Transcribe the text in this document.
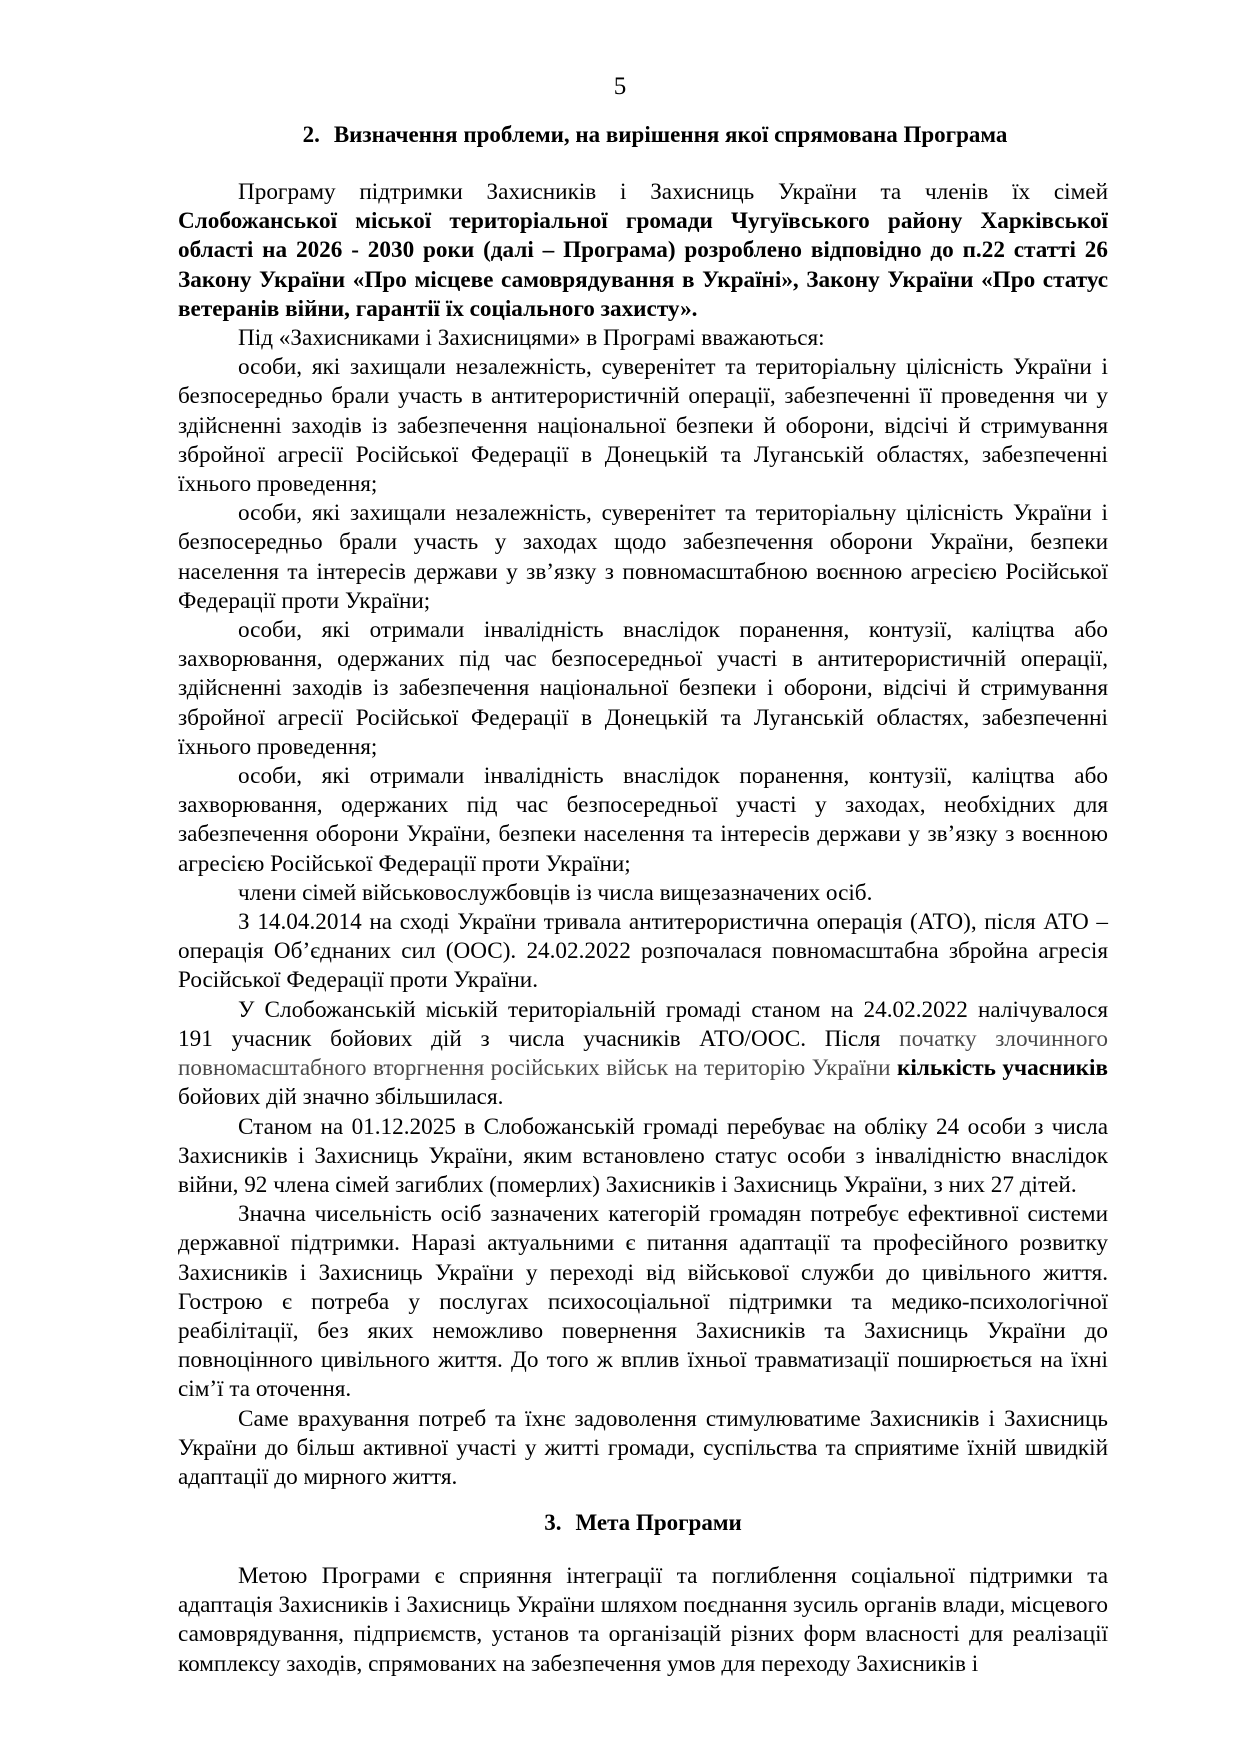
5
2. Визначення проблеми, на вирішення якої спрямована Програма

Програму підтримки Захисників і Захисниць України та членів їх сімей Слобожанської міської територіальної громади Чугуївського району Харківської області на 2026 - 2030 роки (далі – Програма) розроблено відповідно до п.22 статті 26 Закону України «Про місцеве самоврядування в Україні», Закону України «Про статус ветеранів війни, гарантії їх соціального захисту».

Під «Захисниками і Захисницями» в Програмі вважаються:

особи, які захищали незалежність, суверенітет та територіальну цілісність України і безпосередньо брали участь в антитерористичній операції, забезпеченні її проведення чи у здійсненні заходів із забезпечення національної безпеки й оборони, відсічі й стримування збройної агресії Російської Федерації в Донецькій та Луганській областях, забезпеченні їхнього проведення;

особи, які захищали незалежність, суверенітет та територіальну цілісність України і безпосередньо брали участь у заходах щодо забезпечення оборони України, безпеки населення та інтересів держави у зв’язку з повномасштабною воєнною агресією Російської Федерації проти України;

особи, які отримали інвалідність внаслідок поранення, контузії, каліцтва або захворювання, одержаних під час безпосередньої участі в антитерористичній операції, здійсненні заходів із забезпечення національної безпеки і оборони, відсічі й стримування збройної агресії Російської Федерації в Донецькій та Луганській областях, забезпеченні їхнього проведення;

особи, які отримали інвалідність внаслідок поранення, контузії, каліцтва або захворювання, одержаних під час безпосередньої участі у заходах, необхідних для забезпечення оборони України, безпеки населення та інтересів держави у зв’язку з воєнною агресією Російської Федерації проти України;

члени сімей військовослужбовців із числа вищезазначених осіб.

З 14.04.2014 на сході України тривала антитерористична операція (АТО), після АТО – операція Об’єднаних сил (ООС). 24.02.2022 розпочалася повномасштабна збройна агресія Російської Федерації проти України.

У Слобожанській міській територіальній громаді станом на 24.02.2022 налічувалося 191 учасник бойових дій з числа учасників АТО/ООС. Після початку злочинного повномасштабного вторгнення російських військ на територію України кількість учасників бойових дій значно збільшилася.

Станом на 01.12.2025 в Слобожанській громаді перебуває на обліку 24 особи з числа Захисників і Захисниць України, яким встановлено статус особи з інвалідністю внаслідок війни, 92 члена сімей загиблих (померлих) Захисників і Захисниць України, з них 27 дітей.

Значна чисельність осіб зазначених категорій громадян потребує ефективної системи державної підтримки. Наразі актуальними є питання адаптації та професійного розвитку Захисників і Захисниць України у переході від військової служби до цивільного життя. Гострою є потреба у послугах психосоціальної підтримки та медико-психологічної реабілітації, без яких неможливо повернення Захисників та Захисниць України до повноцінного цивільного життя. До того ж вплив їхньої травматизації поширюється на їхні сім’ї та оточення.

Саме врахування потреб та їхнє задоволення стимулюватиме Захисників і Захисниць України до більш активної участі у житті громади, суспільства та сприятиме їхній швидкій адаптації до мирного життя.

3. Мета Програми

Метою Програми є сприяння інтеграції та поглиблення соціальної підтримки та адаптація Захисників і Захисниць України шляхом поєднання зусиль органів влади, місцевого самоврядування, підприємств, установ та організацій різних форм власності для реалізації комплексу заходів, спрямованих на забезпечення умов для переходу Захисників і
